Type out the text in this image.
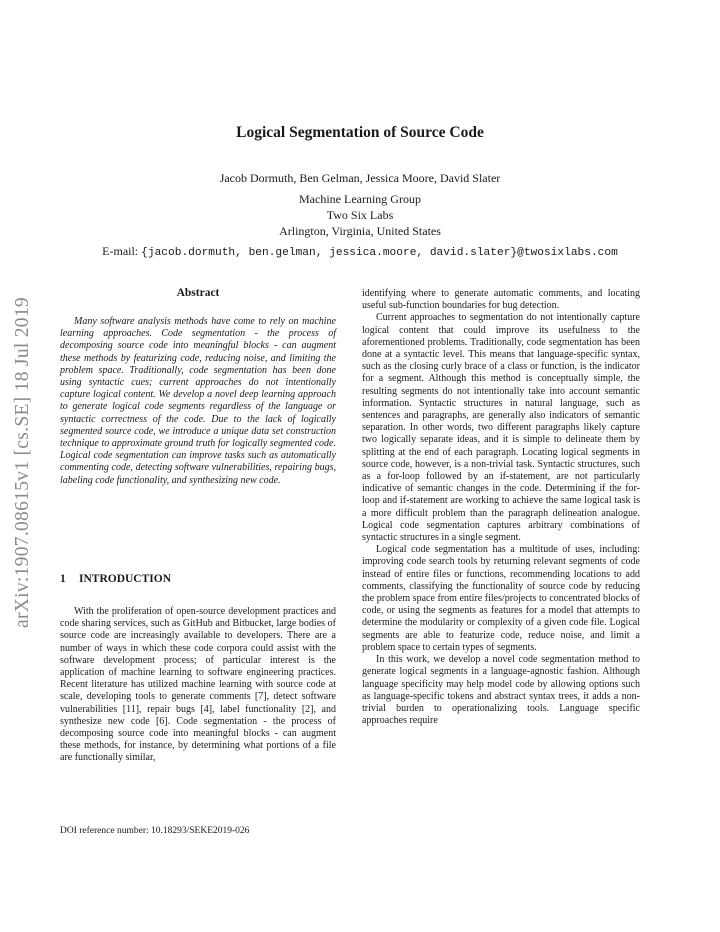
arXiv:1907.08615v1 [cs.SE] 18 Jul 2019
Logical Segmentation of Source Code
Jacob Dormuth, Ben Gelman, Jessica Moore, David Slater
Machine Learning Group
Two Six Labs
Arlington, Virginia, United States
E-mail: {jacob.dormuth, ben.gelman, jessica.moore, david.slater}@twosixlabs.com
Abstract

Many software analysis methods have come to rely on machine learning approaches. Code segmentation - the process of decomposing source code into meaningful blocks - can augment these methods by featurizing code, reducing noise, and limiting the problem space. Traditionally, code segmentation has been done using syntactic cues; current approaches do not intentionally capture logical content. We develop a novel deep learning approach to generate logical code segments regardless of the language or syntactic correctness of the code. Due to the lack of logically segmented source code, we introduce a unique data set construction technique to approximate ground truth for logically segmented code. Logical code segmentation can improve tasks such as automatically commenting code, detecting software vulnerabilities, repairing bugs, labeling code functionality, and synthesizing new code.

1 INTRODUCTION

With the proliferation of open-source development practices and code sharing services, such as GitHub and Bitbucket, large bodies of source code are increasingly available to developers. There are a number of ways in which these code corpora could assist with the software development process; of particular interest is the application of machine learning to software engineering practices. Recent literature has utilized machine learning with source code at scale, developing tools to generate comments [7], detect software vulnerabilities [11], repair bugs [4], label functionality [2], and synthesize new code [6]. Code segmentation - the process of decomposing source code into meaningful blocks - can augment these methods, for instance, by determining what portions of a file are functionally similar,

identifying where to generate automatic comments, and locating useful sub-function boundaries for bug detection.

Current approaches to segmentation do not intentionally capture logical content that could improve its usefulness to the aforementioned problems. Traditionally, code segmentation has been done at a syntactic level. This means that language-specific syntax, such as the closing curly brace of a class or function, is the indicator for a segment. Although this method is conceptually simple, the resulting segments do not intentionally take into account semantic information. Syntactic structures in natural language, such as sentences and paragraphs, are generally also indicators of semantic separation. In other words, two different paragraphs likely capture two logically separate ideas, and it is simple to delineate them by splitting at the end of each paragraph. Locating logical segments in source code, however, is a non-trivial task. Syntactic structures, such as a for-loop followed by an if-statement, are not particularly indicative of semantic changes in the code. Determining if the for-loop and if-statement are working to achieve the same logical task is a more difficult problem than the paragraph delineation analogue. Logical code segmentation captures arbitrary combinations of syntactic structures in a single segment.

Logical code segmentation has a multitude of uses, including: improving code search tools by returning relevant segments of code instead of entire files or functions, recommending locations to add comments, classifying the functionality of source code by reducing the problem space from entire files/projects to concentrated blocks of code, or using the segments as features for a model that attempts to determine the modularity or complexity of a given code file. Logical segments are able to featurize code, reduce noise, and limit a problem space to certain types of segments.

In this work, we develop a novel code segmentation method to generate logical segments in a language-agnostic fashion. Although language specificity may help model code by allowing options such as language-specific tokens and abstract syntax trees, it adds a non-trivial burden to operationalizing tools. Language specific approaches require

DOI reference number: 10.18293/SEKE2019-026
